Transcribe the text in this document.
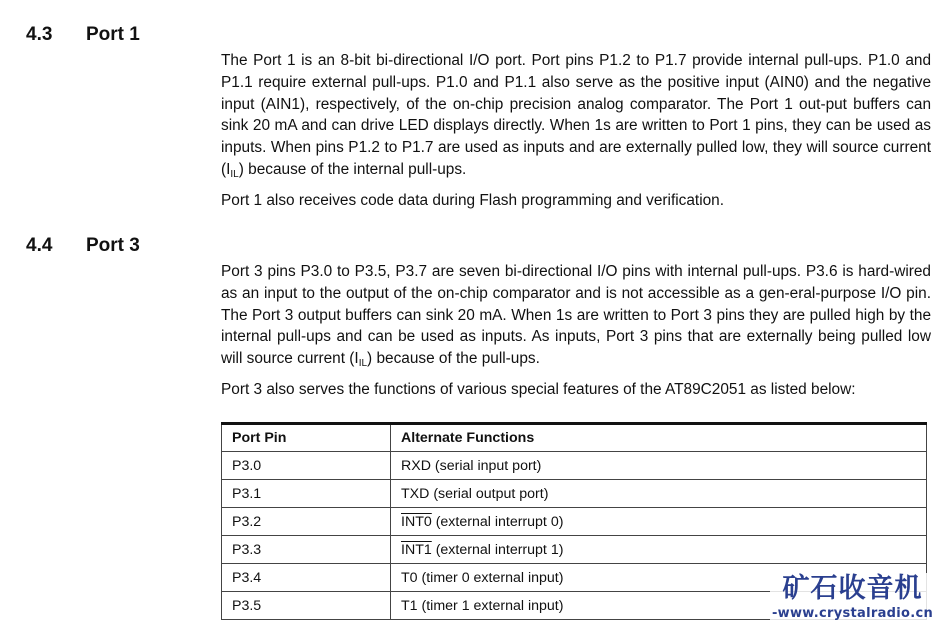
4.3 Port 1

The Port 1 is an 8-bit bi-directional I/O port. Port pins P1.2 to P1.7 provide internal pull-ups. P1.0 and P1.1 require external pull-ups. P1.0 and P1.1 also serve as the positive input (AIN0) and the negative input (AIN1), respectively, of the on-chip precision analog comparator. The Port 1 out-put buffers can sink 20 mA and can drive LED displays directly. When 1s are written to Port 1 pins, they can be used as inputs. When pins P1.2 to P1.7 are used as inputs and are externally pulled low, they will source current $(I_{IL})$ because of the internal pull-ups.

Port 1 also receives code data during Flash programming and verification.

4.4 Port 3

Port 3 pins P3.0 to P3.5, P3.7 are seven bi-directional I/O pins with internal pull-ups. P3.6 is hard-wired as an input to the output of the on-chip comparator and is not accessible as a gen-eral-purpose I/O pin. The Port 3 output buffers can sink 20 mA. When 1s are written to Port 3 pins they are pulled high by the internal pull-ups and can be used as inputs. As inputs, Port 3 pins that are externally being pulled low will source current $(I_{IL})$ because of the pull-ups.

Port 3 also serves the functions of various special features of the AT89C2051 as listed below:

Port Pin	Alternate Functions
P3.0	RXD (serial input port)
P3.1	TXD (serial output port)
P3.2	INT0 (external interrupt 0)
P3.3	INT1 (external interrupt 1)
P3.4	T0 (timer 0 external input)
P3.5	T1 (timer 1 external input)
矿石收音机
-www.crystalradio.cn
